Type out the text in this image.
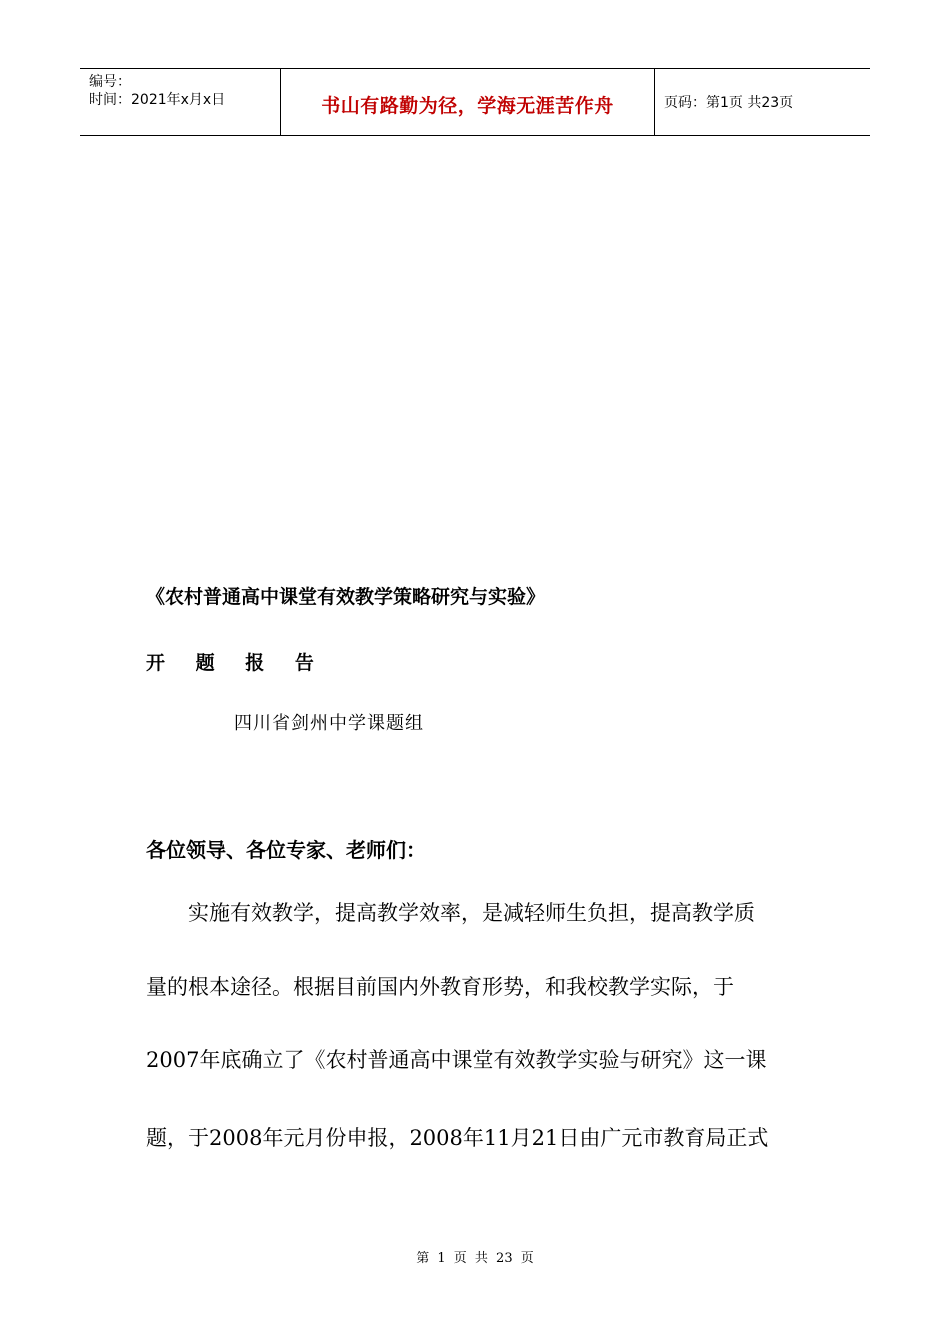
编号：
时间：2021年x月x日	书山有路勤为径，学海无涯苦作舟	页码：第1页 共23页
《农村普通高中课堂有效教学策略研究与实验》
开 题 报 告
四川省剑州中学课题组
各位领导、各位专家、老师们：
实施有效教学，提高教学效率，是减轻师生负担，提高教学质
量的根本途径。根据目前国内外教育形势，和我校教学实际，于
2007年底确立了《农村普通高中课堂有效教学实验与研究》这一课
题，于2008年元月份申报，2008年11月21日由广元市教育局正式
第 1 页 共 23 页
